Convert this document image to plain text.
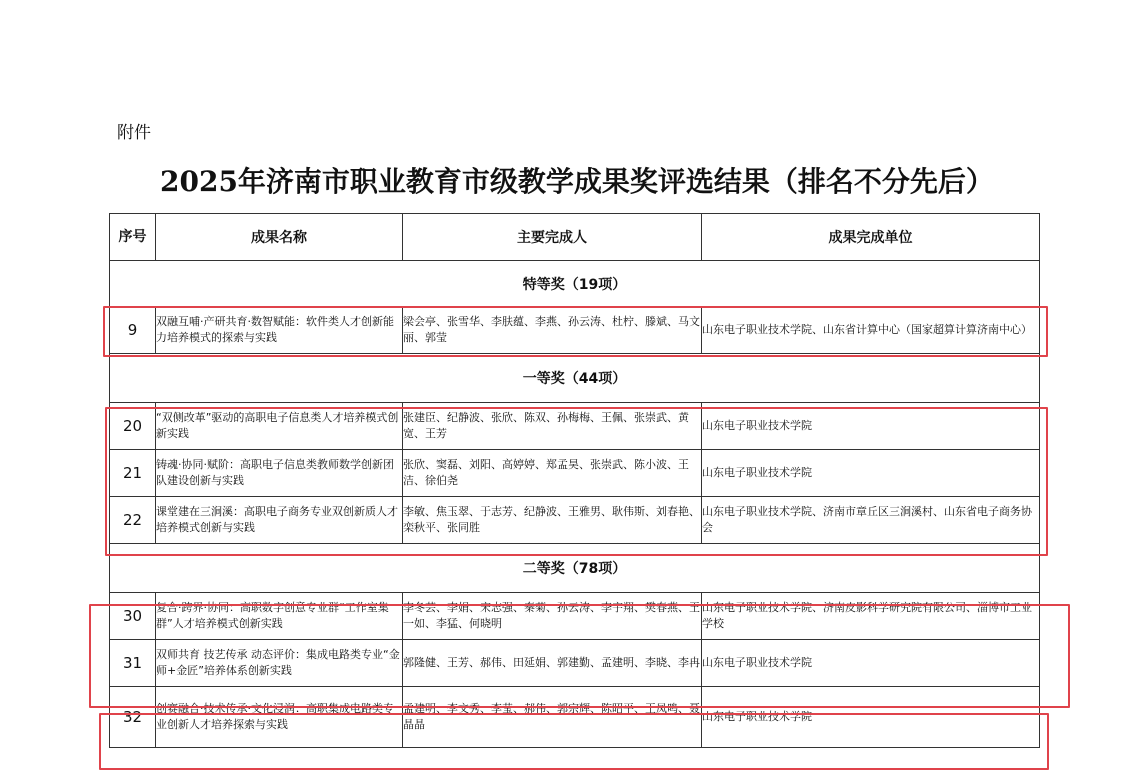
附件
2025年济南市职业教育市级教学成果奖评选结果（排名不分先后）
序号	成果名称	主要完成人	成果完成单位
特等奖（19项）			
9	双融互哺·产研共育·数智赋能：软件类人才创新能力培养模式的探索与实践	梁会亭、张雪华、李肤蕴、李燕、孙云涛、杜柠、滕斌、马文丽、郭莹	山东电子职业技术学院、山东省计算中心（国家超算计算济南中心）
一等奖（44项）			
20	“双侧改革”驱动的高职电子信息类人才培养模式创新实践	张建臣、纪静波、张欣、陈双、孙梅梅、王佩、张崇武、黄宽、王芳	山东电子职业技术学院
21	铸魂·协同·赋阶：高职电子信息类教师数学创新团队建设创新与实践	张欣、窦磊、刘阳、高婷婷、郑孟昊、张崇武、陈小波、王洁、徐伯尧	山东电子职业技术学院
22	课堂建在三涧溪：高职电子商务专业双创新质人才培养模式创新与实践	李敏、焦玉翠、于志芳、纪静波、王雅男、耿伟斯、刘春艳、栾秋平、张同胜	山东电子职业技术学院、济南市章丘区三涧溪村、山东省电子商务协会
二等奖（78项）			
30	复合·跨界·协同：高职数字创意专业群“工作室集群”人才培养模式创新实践	李冬芸、李娟、宋志强、秦菊、孙云涛、李宇翔、樊春燕、王一如、李猛、何晓明	山东电子职业技术学院、济南皮影科学研究院有限公司、淄博市工业学校
31	双师共育 技艺传承 动态评价：集成电路类专业“金师+金匠”培养体系创新实践	郭隆健、王芳、郝伟、田延娟、郭建勤、孟建明、李晓、李冉	山东电子职业技术学院
32	创赛融合·技术传承·文化浸润：高职集成电路类专业创新人才培养探索与实践	孟建明、李文秀、李莹、郝伟、郭宗辉、陈昭平、王凤鸣、聂晶晶	山东电子职业技术学院
